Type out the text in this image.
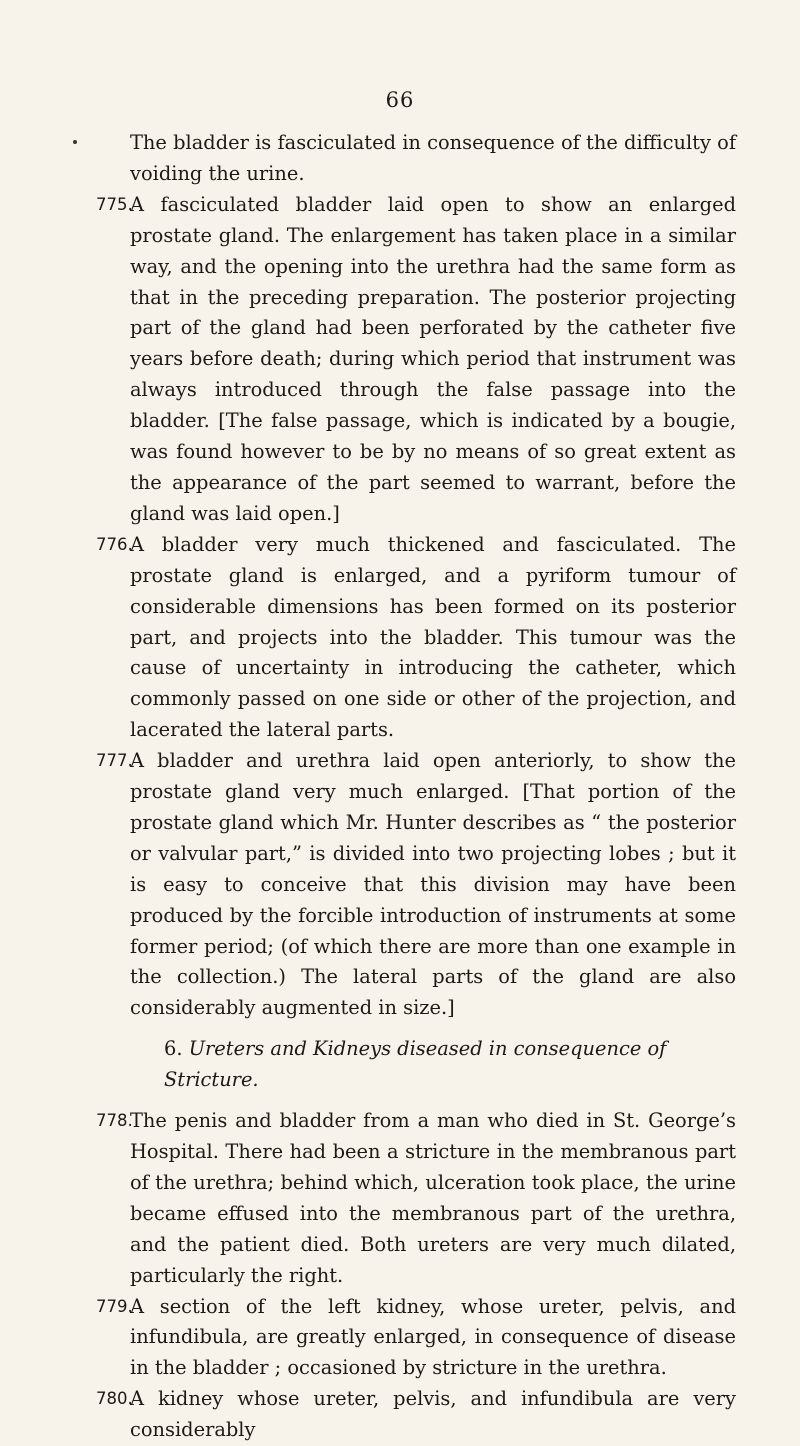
66

The bladder is fasciculated in consequence of the difficulty of voiding the urine.

775.
A fasciculated bladder laid open to show an enlarged prostate gland. The enlargement has taken place in a similar way, and the opening into the urethra had the same form as that in the preceding preparation. The posterior projecting part of the gland had been perforated by the catheter five years before death; during which period that instrument was always introduced through the false passage into the bladder. [The false passage, which is indicated by a bougie, was found however to be by no means of so great extent as the appearance of the part seemed to warrant, before the gland was laid open.]

776.
A bladder very much thickened and fasciculated. The prostate gland is enlarged, and a pyriform tumour of considerable dimensions has been formed on its posterior part, and projects into the bladder. This tumour was the cause of uncertainty in introducing the catheter, which commonly passed on one side or other of the projection, and lacerated the lateral parts.

777.
A bladder and urethra laid open anteriorly, to show the prostate gland very much enlarged. [That portion of the prostate gland which Mr. Hunter describes as “ the posterior or valvular part,” is divided into two projecting lobes ; but it is easy to conceive that this division may have been produced by the forcible introduction of instruments at some former period; (of which there are more than one example in the collection.) The lateral parts of the gland are also considerably augmented in size.]

6. Ureters and Kidneys diseased in consequence of Stricture.

778.
The penis and bladder from a man who died in St. George’s Hospital. There had been a stricture in the membranous part of the urethra; behind which, ulceration took place, the urine became effused into the membranous part of the urethra, and the patient died. Both ureters are very much dilated, particularly the right.

779.
A section of the left kidney, whose ureter, pelvis, and infundibula, are greatly enlarged, in consequence of disease in the bladder ; occasioned by stricture in the urethra.

780.
A kidney whose ureter, pelvis, and infundibula are very considerably
